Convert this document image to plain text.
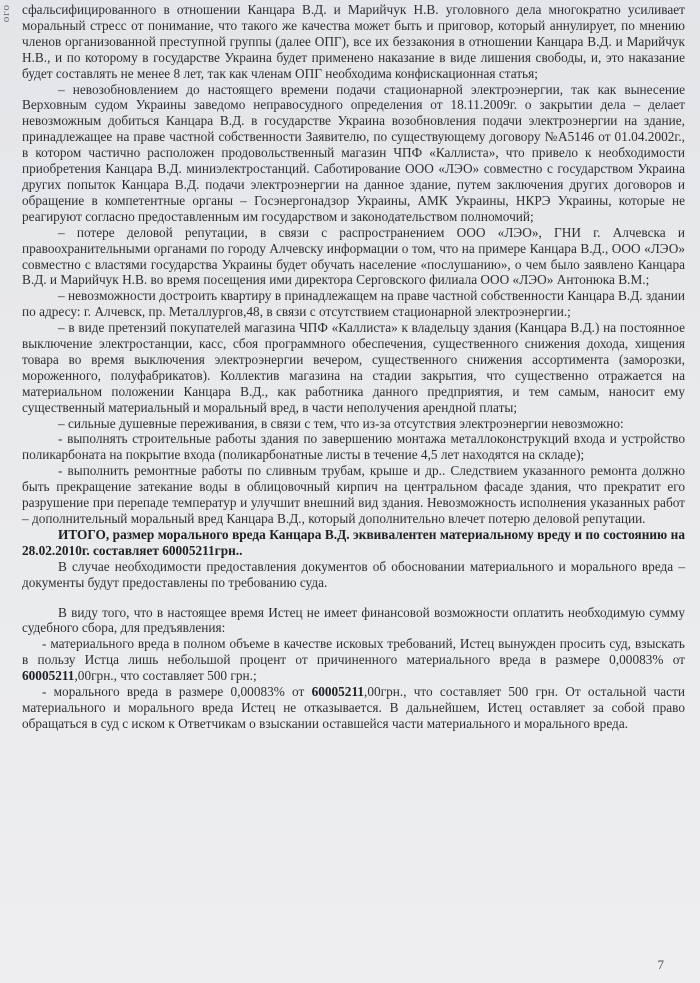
ого сфальсифицированного в отношении Канцара В.Д. и Марийчук Н.В. уголовного дела многократно усиливает моральный стресс от понимание, что такого же качества может быть и приговор, который аннулирует, по мнению членов организованной преступной группы (далее ОПГ), все их беззакония в отношении Канцара В.Д. и Марийчук Н.В., и по которому в государстве Украина будет применено наказание в виде лишения свободы, и, это наказание будет составлять не менее 8 лет, так как членам ОПГ необходима конфискационная статья;

– невозобновлением до настоящего времени подачи стационарной электроэнергии, так как вынесение Верховным судом Украины заведомо неправосудного определения от 18.11.2009г. о закрытии дела – делает невозможным добиться Канцара В.Д. в государстве Украина возобновления подачи электроэнергии на здание, принадлежащее на праве частной собственности Заявителю, по существующему договору №А5146 от 01.04.2002г., в котором частично расположен продовольственный магазин ЧПФ «Каллиста», что привело к необходимости приобретения Канцара В.Д. миниэлектростанций. Саботирование ООО «ЛЭО» совместно с государством Украина других попыток Канцара В.Д. подачи электроэнергии на данное здание, путем заключения других договоров и обращение в компетентные органы – Госэнергонадзор Украины, АМК Украины, НКРЭ Украины, которые не реагируют согласно предоставленным им государством и законодательством полномочий;

– потере деловой репутации, в связи с распространением ООО «ЛЭО», ГНИ г. Алчевска и правоохранительными органами по городу Алчевску информации о том, что на примере Канцара В.Д., ООО «ЛЭО» совместно с властями государства Украины будет обучать население «послушанию», о чем было заявлено Канцара В.Д. и Марийчук Н.В. во время посещения ими директора Серговского филиала ООО «ЛЭО» Антонюка В.М.;

– невозможности достроить квартиру в принадлежащем на праве частной собственности Канцара В.Д. здании по адресу: г. Алчевск, пр. Металлургов,48, в связи с отсутствием стационарной электроэнергии.;

– в виде претензий покупателей магазина ЧПФ «Каллиста» к владельцу здания (Канцара В.Д.) на постоянное выключение электростанции, касс, сбоя программного обеспечения, существенного снижения дохода, хищения товара во время выключения электроэнергии вечером, существенного снижения ассортимента (заморозки, мороженного, полуфабрикатов). Коллектив магазина на стадии закрытия, что существенно отражается на материальном положении Канцара В.Д., как работника данного предприятия, и тем самым, наносит ему существенный материальный и моральный вред, в части неполучения арендной платы;

– сильные душевные переживания, в связи с тем, что из-за отсутствия электроэнергии невозможно:

- выполнять строительные работы здания по завершению монтажа металлоконструкций входа и устройство поликарбоната на покрытие входа (поликарбонатные листы в течение 4,5 лет находятся на складе);

- выполнить ремонтные работы по сливным трубам, крыше и др.. Следствием указанного ремонта должно быть прекращение затекание воды в облицовочный кирпич на центральном фасаде здания, что прекратит его разрушение при перепаде температур и улучшит внешний вид здания. Невозможность исполнения указанных работ – дополнительный моральный вред Канцара В.Д., который дополнительно влечет потерю деловой репутации.

ИТОГО, размер морального вреда Канцара В.Д. эквивалентен материальному вреду и по состоянию на 28.02.2010г. составляет 60005211грн..

В случае необходимости предоставления документов об обосновании материального и морального вреда – документы будут предоставлены по требованию суда.

В виду того, что в настоящее время Истец не имеет финансовой возможности оплатить необходимую сумму судебного сбора, для предъявления:

- материального вреда в полном объеме в качестве исковых требований, Истец вынужден просить суд, взыскать в пользу Истца лишь небольшой процент от причиненного материального вреда в размере 0,00083% от 60005211,00грн., что составляет 500 грн.;

- морального вреда в размере 0,00083% от 60005211,00грн., что составляет 500 грн. От остальной части материального и морального вреда Истец не отказывается. В дальнейшем, Истец оставляет за собой право обращаться в суд с иском к Ответчикам о взыскании оставшейся части материального и морального вреда.

7
